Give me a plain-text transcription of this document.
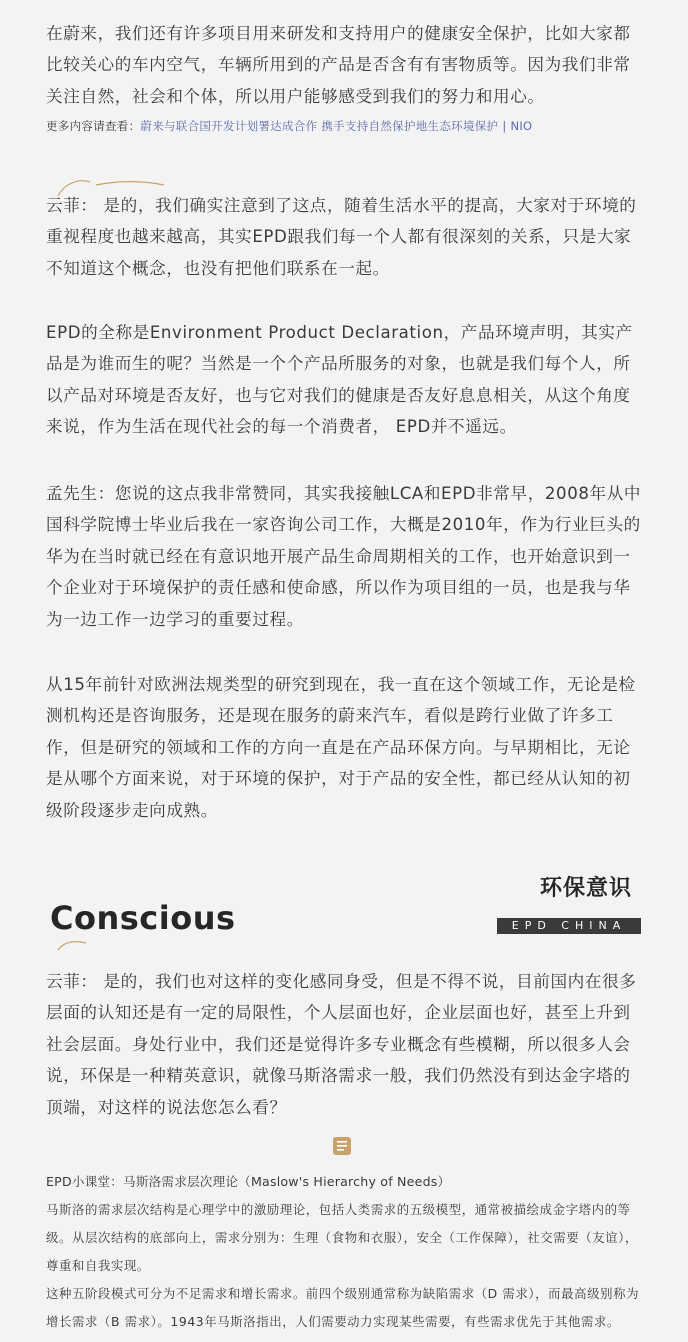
在蔚来，我们还有许多项目用来研发和支持用户的健康安全保护，比如大家都比较关心的车内空气，车辆所用到的产品是否含有有害物质等。因为我们非常关注自然，社会和个体，所以用户能够感受到我们的努力和用心。

更多内容请查看：蔚来与联合国开发计划署达成合作 携手支持自然保护地生态环境保护 | NIO

云菲： 是的，我们确实注意到了这点，随着生活水平的提高，大家对于环境的重视程度也越来越高，其实EPD跟我们每一个人都有很深刻的关系，只是大家不知道这个概念，也没有把他们联系在一起。

EPD的全称是Environment Product Declaration，产品环境声明，其实产品是为谁而生的呢？当然是一个个产品所服务的对象，也就是我们每个人，所以产品对环境是否友好，也与它对我们的健康是否友好息息相关，从这个角度来说，作为生活在现代社会的每一个消费者， EPD并不遥远。

孟先生：您说的这点我非常赞同，其实我接触LCA和EPD非常早，2008年从中国科学院博士毕业后我在一家咨询公司工作，大概是2010年，作为行业巨头的华为在当时就已经在有意识地开展产品生命周期相关的工作，也开始意识到一个企业对于环境保护的责任感和使命感，所以作为项目组的一员，也是我与华为一边工作一边学习的重要过程。

从15年前针对欧洲法规类型的研究到现在，我一直在这个领域工作，无论是检测机构还是咨询服务，还是现在服务的蔚来汽车，看似是跨行业做了许多工作，但是研究的领域和工作的方向一直是在产品环保方向。与早期相比，无论是从哪个方面来说，对于环境的保护，对于产品的安全性，都已经从认知的初级阶段逐步走向成熟。

环保意识
Conscious	EPD CHINA

云菲： 是的，我们也对这样的变化感同身受，但是不得不说，目前国内在很多层面的认知还是有一定的局限性，个人层面也好，企业层面也好，甚至上升到社会层面。身处行业中，我们还是觉得许多专业概念有些模糊，所以很多人会说，环保是一种精英意识，就像马斯洛需求一般，我们仍然没有到达金字塔的顶端，对这样的说法您怎么看？

EPD小课堂：马斯洛需求层次理论（Maslow's Hierarchy of Needs）

马斯洛的需求层次结构是心理学中的激励理论，包括人类需求的五级模型，通常被描绘成金字塔内的等级。从层次结构的底部向上，需求分别为：生理（食物和衣服），安全（工作保障），社交需要（友谊），尊重和自我实现。

这种五阶段模式可分为不足需求和增长需求。前四个级别通常称为缺陷需求（D 需求），而最高级别称为增长需求（B 需求）。1943年马斯洛指出，人们需要动力实现某些需要，有些需求优先于其他需求。
